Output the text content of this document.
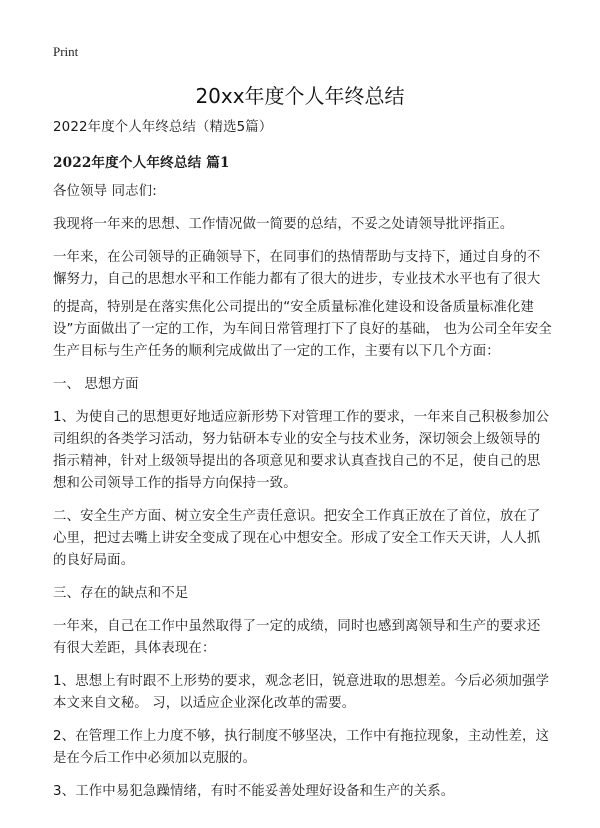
Print
20xx年度个人年终总结

2022年度个人年终总结（精选5篇）

2022年度个人年终总结 篇1

各位领导 同志们:

我现将一年来的思想、工作情况做一简要的总结，不妥之处请领导批评指正。

一年来，在公司领导的正确领导下，在同事们的热情帮助与支持下，通过自身的不懈努力，自己的思想水平和工作能力都有了很大的进步，专业技术水平也有了很大

的提高，特别是在落实焦化公司提出的“安全质量标准化建设和设备质量标准化建设”方面做出了一定的工作，为车间日常管理打下了良好的基础， 也为公司全年安全生产目标与生产任务的顺利完成做出了一定的工作，主要有以下几个方面：

一、 思想方面

1、为使自己的思想更好地适应新形势下对管理工作的要求，一年来自己积极参加公司组织的各类学习活动，努力钻研本专业的安全与技术业务，深切领会上级领导的指示精神，针对上级领导提出的各项意见和要求认真查找自己的不足，使自己的思想和公司领导工作的指导方向保持一致。

二、安全生产方面、树立安全生产责任意识。把安全工作真正放在了首位，放在了心里，把过去嘴上讲安全变成了现在心中想安全。形成了安全工作天天讲，人人抓的良好局面。

三、存在的缺点和不足

一年来，自己在工作中虽然取得了一定的成绩，同时也感到离领导和生产的要求还有很大差距，具体表现在：

1、思想上有时跟不上形势的要求，观念老旧，锐意进取的思想差。今后必须加强学 本文来自文秘。 习，以适应企业深化改革的需要。

2、在管理工作上力度不够，执行制度不够坚决，工作中有拖拉现象，主动性差，这是在今后工作中必须加以克服的。

3、工作中易犯急躁情绪，有时不能妥善处理好设备和生产的关系。
